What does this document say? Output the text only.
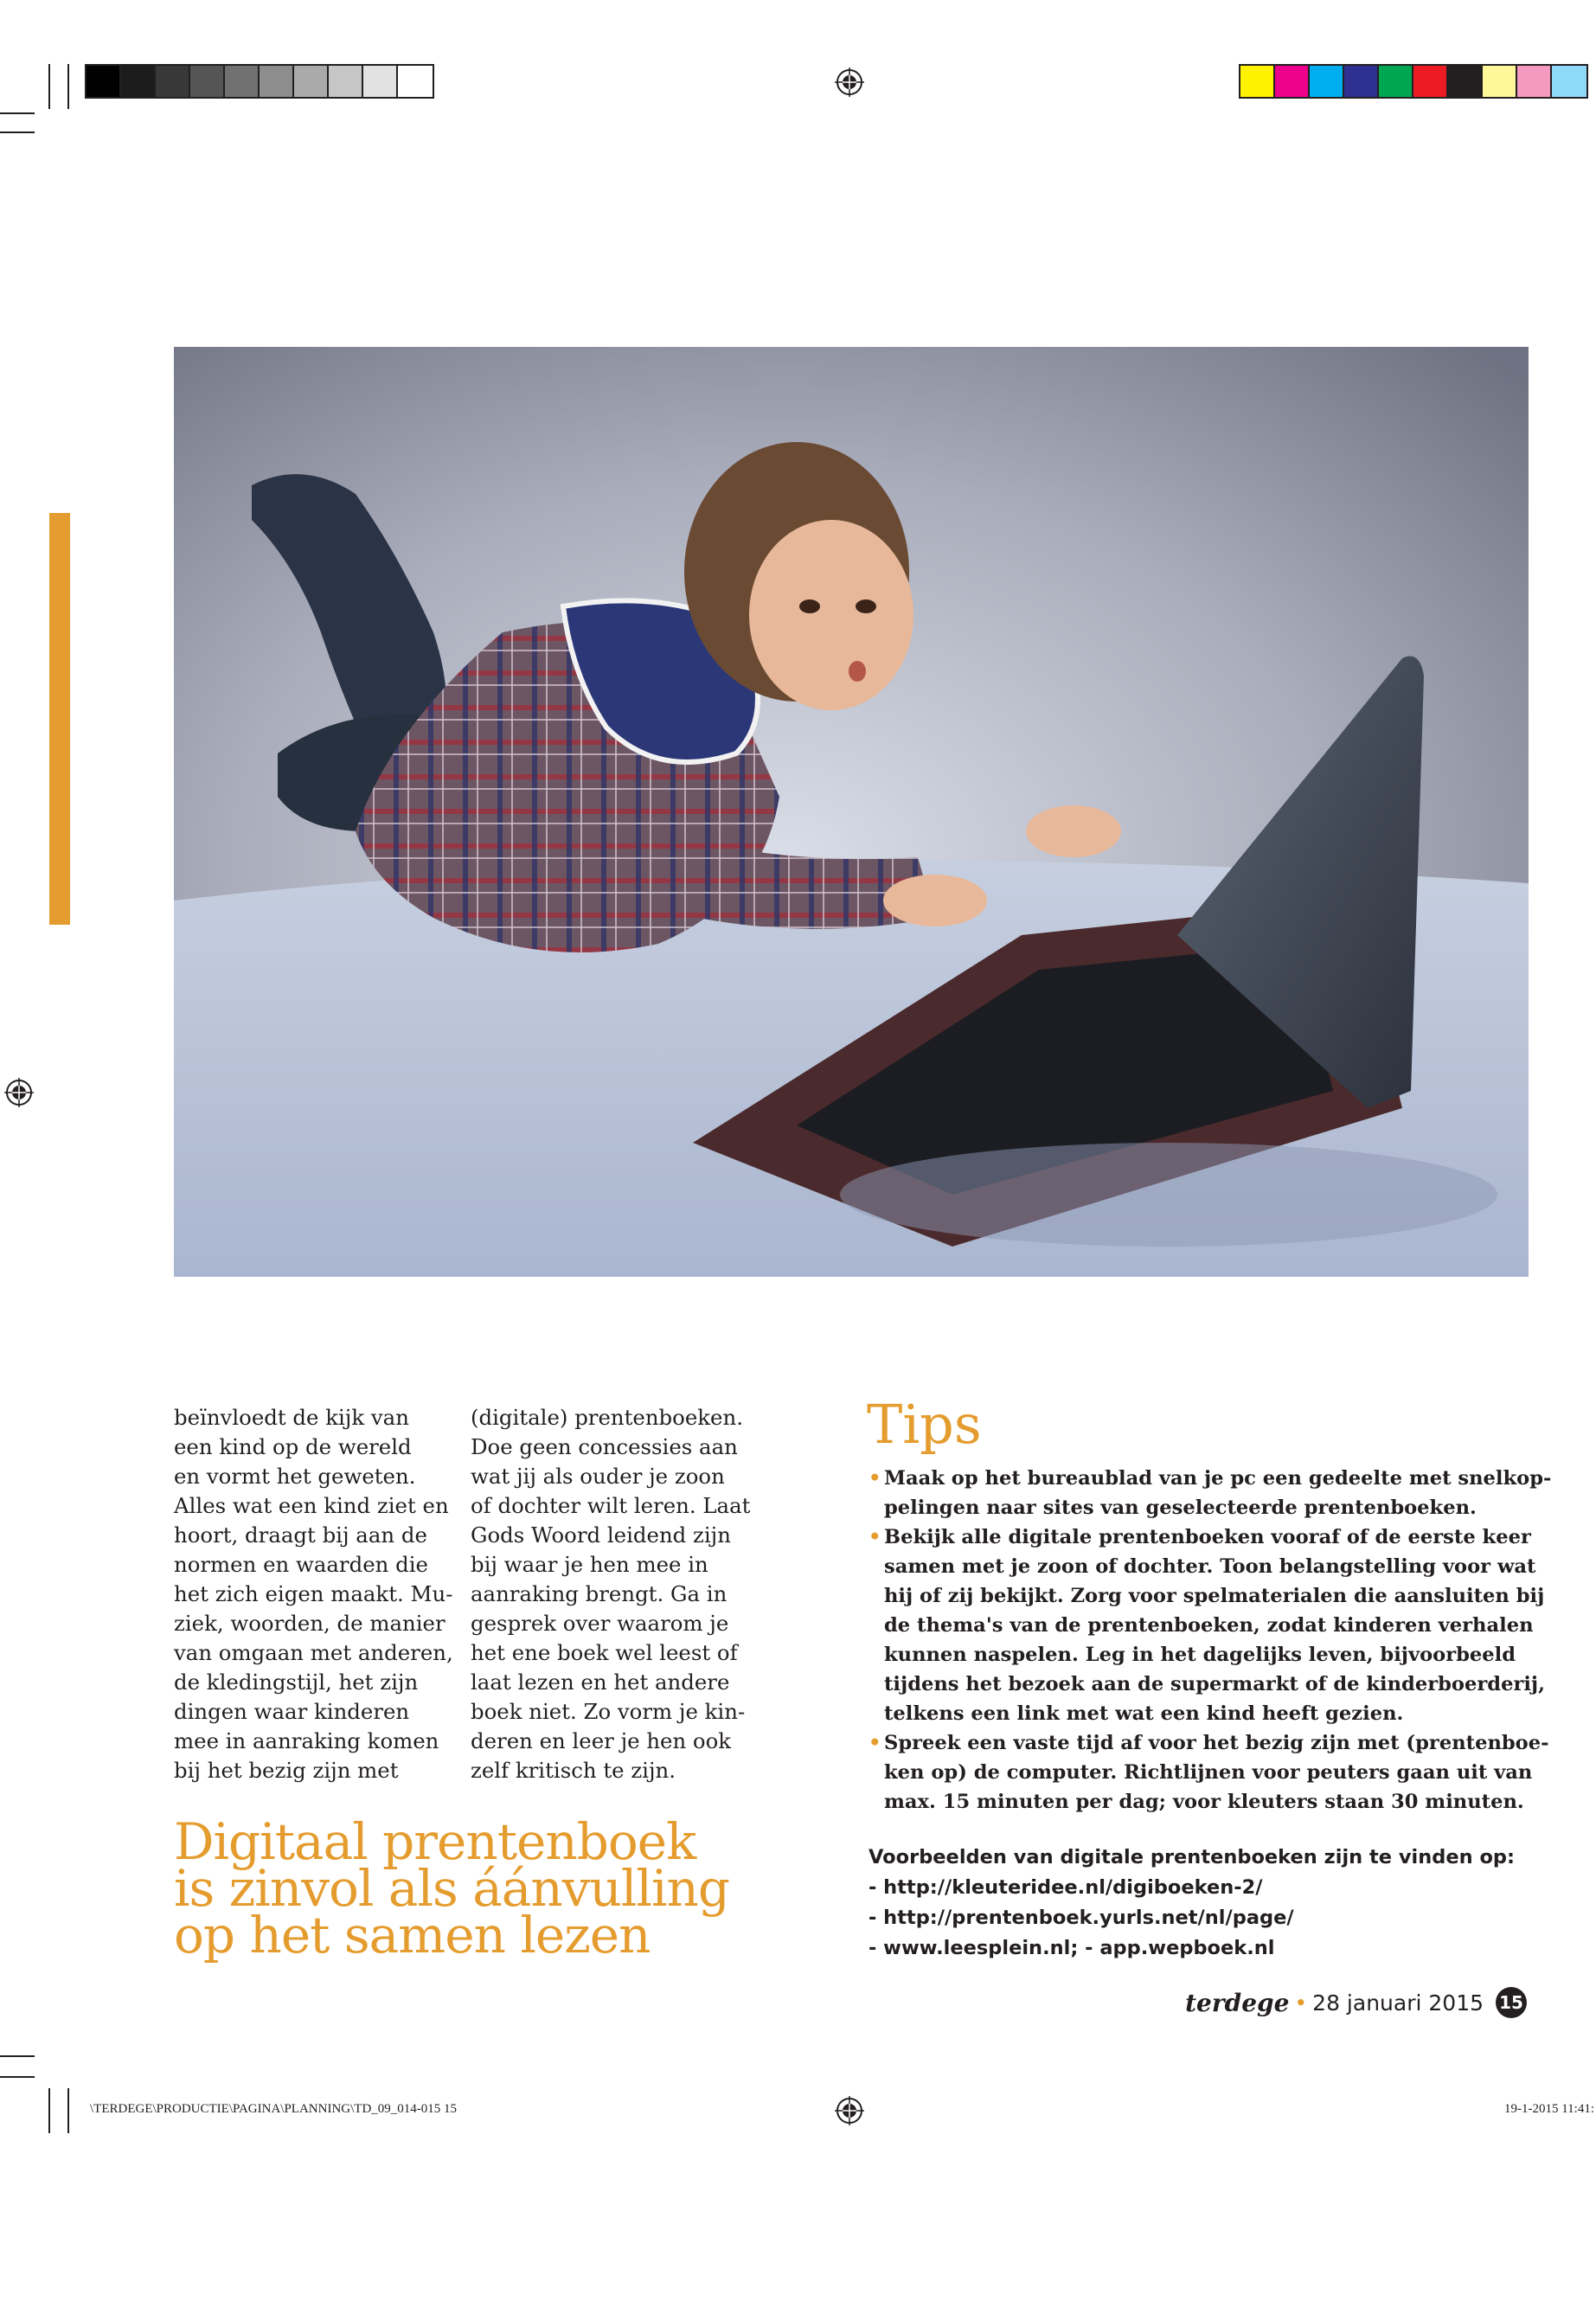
beïnvloedt de kijk van
een kind op de wereld
en vormt het geweten.
Alles wat een kind ziet en
hoort, draagt bij aan de
normen en waarden die
het zich eigen maakt. Mu-
ziek, woorden, de manier
van omgaan met anderen,
de kledingstijl, het zijn
dingen waar kinderen
mee in aanraking komen
bij het bezig zijn met
(digitale) prentenboeken.
Doe geen concessies aan
wat jij als ouder je zoon
of dochter wilt leren. Laat
Gods Woord leidend zijn
bij waar je hen mee in
aanraking brengt. Ga in
gesprek over waarom je
het ene boek wel leest of
laat lezen en het andere
boek niet. Zo vorm je kin-
deren en leer je hen ook
zelf kritisch te zijn.
Digitaal prentenboek
is zinvol als áánvulling
op het samen lezen
Tips
• Maak op het bureaublad van je pc een gedeelte met snelkop-
pelingen naar sites van geselecteerde prentenboeken.
• Bekijk alle digitale prentenboeken vooraf of de eerste keer
samen met je zoon of dochter. Toon belangstelling voor wat
hij of zij bekijkt. Zorg voor spelmaterialen die aansluiten bij
de thema's van de prentenboeken, zodat kinderen verhalen
kunnen naspelen. Leg in het dagelijks leven, bijvoorbeeld
tijdens het bezoek aan de supermarkt of de kinderboerderij,
telkens een link met wat een kind heeft gezien.
• Spreek een vaste tijd af voor het bezig zijn met (prentenboe-
ken op) de computer. Richtlijnen voor peuters gaan uit van
max. 15 minuten per dag; voor kleuters staan 30 minuten.
Voorbeelden van digitale prentenboeken zijn te vinden op:
- http://kleuteridee.nl/digiboeken-2/
- http://prentenboek.yurls.net/nl/page/
- www.leesplein.nl; - app.wepboek.nl
terdege • 28 januari 2015 15
\TERDEGE\PRODUCTIE\PAGINA\PLANNING\TD_09_014-015 15	19-1-2015 11:41:
